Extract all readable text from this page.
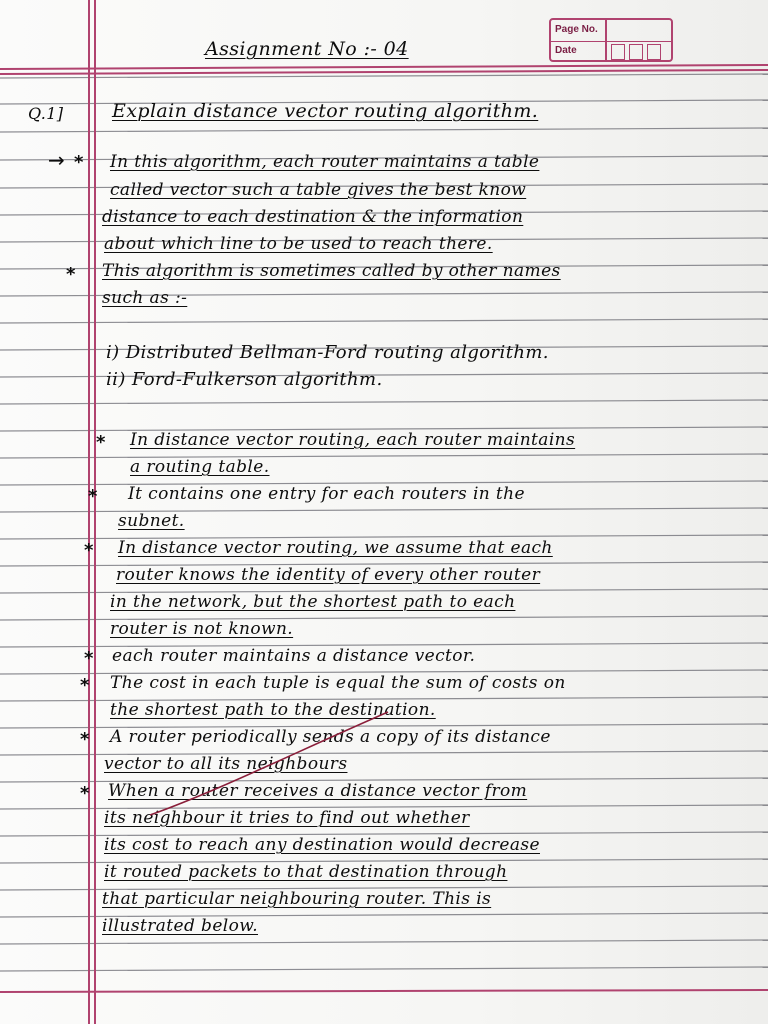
Page No.
Date
Assignment No :- 04
Q.1]	Explain distance vector routing algorithm.
→ * In this algorithm, each router maintains a table
called vector such a table gives the best know
distance to each destination & the information
about which line to be used to reach there.
* This algorithm is sometimes called by other names
such as :-
i) Distributed Bellman-Ford routing algorithm.
ii) Ford-Fulkerson algorithm.
* In distance vector routing, each router maintains
a routing table.
* It contains one entry for each routers in the
subnet.
* In distance vector routing, we assume that each
router knows the identity of every other router
in the network, but the shortest path to each
router is not known.
* each router maintains a distance vector.
* The cost in each tuple is equal the sum of costs on
the shortest path to the destination.
* A router periodically sends a copy of its distance
vector to all its neighbours
* When a router receives a distance vector from
its neighbour it tries to find out whether
its cost to reach any destination would decrease
it routed packets to that destination through
that particular neighbouring router. This is
illustrated below.
